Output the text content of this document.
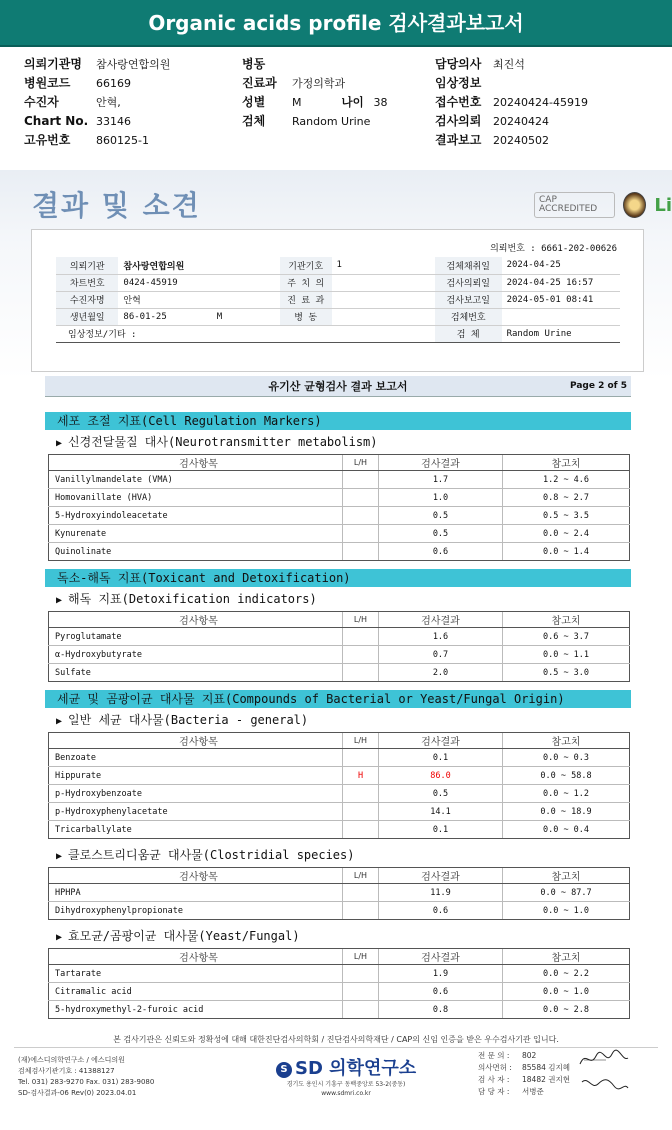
Organic acids profile 검사결과보고서
의뢰기관명	참사랑연합의원
병원코드	66169
수진자	안혁,
Chart No. 33146
고유번호	860125-1
병동
진료과	가정의학과
성별	M	나이 38
검체	Random Urine
담당의사	최진석
임상정보
접수번호	20240424-45919
검사의뢰	20240424
결과보고	20240502
결과 및 소견	CAP ACCREDITED	Li
의뢰번호 : 6661-202-00626
의뢰기관	참사랑연합의원	기관기호	1	검체채취일	2024-04-25
차트번호	0424-45919	주 치 의		검사의뢰일	2024-04-25 16:57
수진자명	안혁	진 료 과		검사보고일	2024-05-01 08:41
생년월일	86-01-25 M	병 동		검체번호	
임상정보/기타 :				검 체	Random Urine
유기산 균형검사 결과 보고서	Page 2 of 5
세포 조절 지표(Cell Regulation Markers)
▶ 신경전달물질 대사(Neurotransmitter metabolism)
검사항목	L/H	검사결과	참고치
Vanillylmandelate (VMA)		1.7	1.2 ~ 4.6
Homovanillate (HVA)		1.0	0.8 ~ 2.7
5-Hydroxyindoleacetate		0.5	0.5 ~ 3.5
Kynurenate		0.5	0.0 ~ 2.4
Quinolinate		0.6	0.0 ~ 1.4
독소-해독 지표(Toxicant and Detoxification)
▶ 해독 지표(Detoxification indicators)
검사항목	L/H	검사결과	참고치
Pyroglutamate		1.6	0.6 ~ 3.7
α-Hydroxybutyrate		0.7	0.0 ~ 1.1
Sulfate		2.0	0.5 ~ 3.0
세균 및 곰팡이균 대사물 지표(Compounds of Bacterial or Yeast/Fungal Origin)
▶ 일반 세균 대사물(Bacteria - general)
검사항목	L/H	검사결과	참고치
Benzoate		0.1	0.0 ~ 0.3
Hippurate	H	86.0	0.0 ~ 58.8
p-Hydroxybenzoate		0.5	0.0 ~ 1.2
p-Hydroxyphenylacetate		14.1	0.0 ~ 18.9
Tricarballylate		0.1	0.0 ~ 0.4
▶ 클로스트리디움균 대사물(Clostridial species)
검사항목	L/H	검사결과	참고치
HPHPA		11.9	0.0 ~ 87.7
Dihydroxyphenylpropionate		0.6	0.0 ~ 1.0
▶ 효모균/곰팡이균 대사물(Yeast/Fungal)
검사항목	L/H	검사결과	참고치
Tartarate		1.9	0.0 ~ 2.2
Citramalic acid		0.6	0.0 ~ 1.0
5-hydroxymethyl-2-furoic acid		0.8	0.0 ~ 2.8
본 검사기관은 신뢰도와 정확성에 대해 대한진단검사의학회 / 진단검사의학재단 / CAP의 신임 인증을 받은 우수검사기관 입니다.
(재)에스디의학연구소 / 에스디의원
검체검사기관기호 : 41388127
Tel. 031) 283-9270 Fax. 031) 283-9080
SD-검사결과-06 Rev(0) 2023.04.01
S SD 의학연구소
경기도 용인시 기흥구 동백중앙로 53-2(중동)
www.sdmri.co.kr
전 문 의 :	802
의사면허 :	85584 김지혜
검 사 자 :	18482 권지현
담 당 자 :	서병준
